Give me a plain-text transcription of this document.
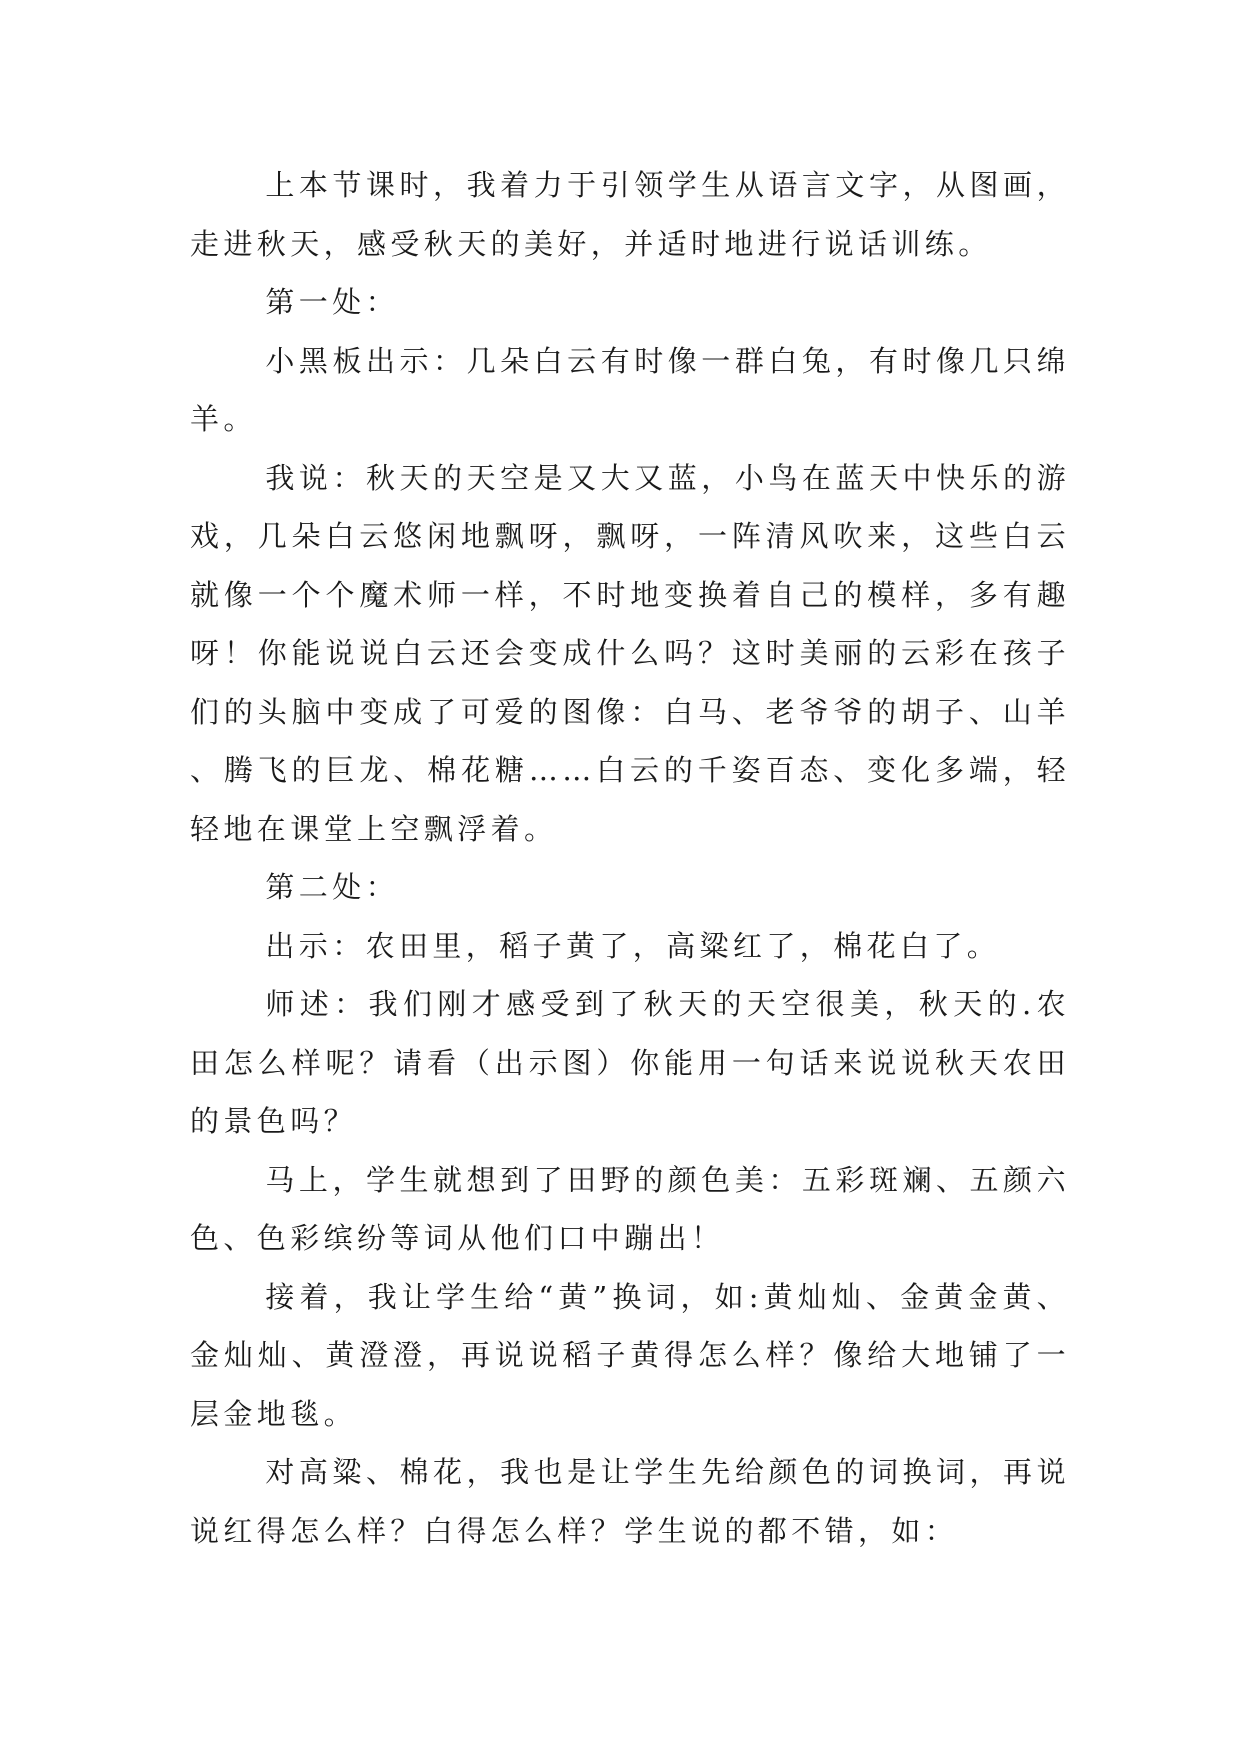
上本节课时，我着力于引领学生从语言文字，从图画，走进秋天，感受秋天的美好，并适时地进行说话训练。

第一处：

小黑板出示：几朵白云有时像一群白兔，有时像几只绵羊。

我说：秋天的天空是又大又蓝，小鸟在蓝天中快乐的游戏，几朵白云悠闲地飘呀，飘呀，一阵清风吹来，这些白云就像一个个魔术师一样，不时地变换着自己的模样，多有趣呀！你能说说白云还会变成什么吗？这时美丽的云彩在孩子们的头脑中变成了可爱的图像：白马、老爷爷的胡子、山羊、腾飞的巨龙、棉花糖……白云的千姿百态、变化多端，轻轻地在课堂上空飘浮着。

第二处：

出示：农田里，稻子黄了，高粱红了，棉花白了。

师述：我们刚才感受到了秋天的天空很美，秋天的.农田怎么样呢？请看（出示图）你能用一句话来说说秋天农田的景色吗？

马上，学生就想到了田野的颜色美：五彩斑斓、五颜六色、色彩缤纷等词从他们口中蹦出！

接着，我让学生给“黄”换词，如:黄灿灿、金黄金黄、金灿灿、黄澄澄，再说说稻子黄得怎么样？像给大地铺了一层金地毯。

对高粱、棉花，我也是让学生先给颜色的词换词，再说说红得怎么样？白得怎么样？学生说的都不错，如：
